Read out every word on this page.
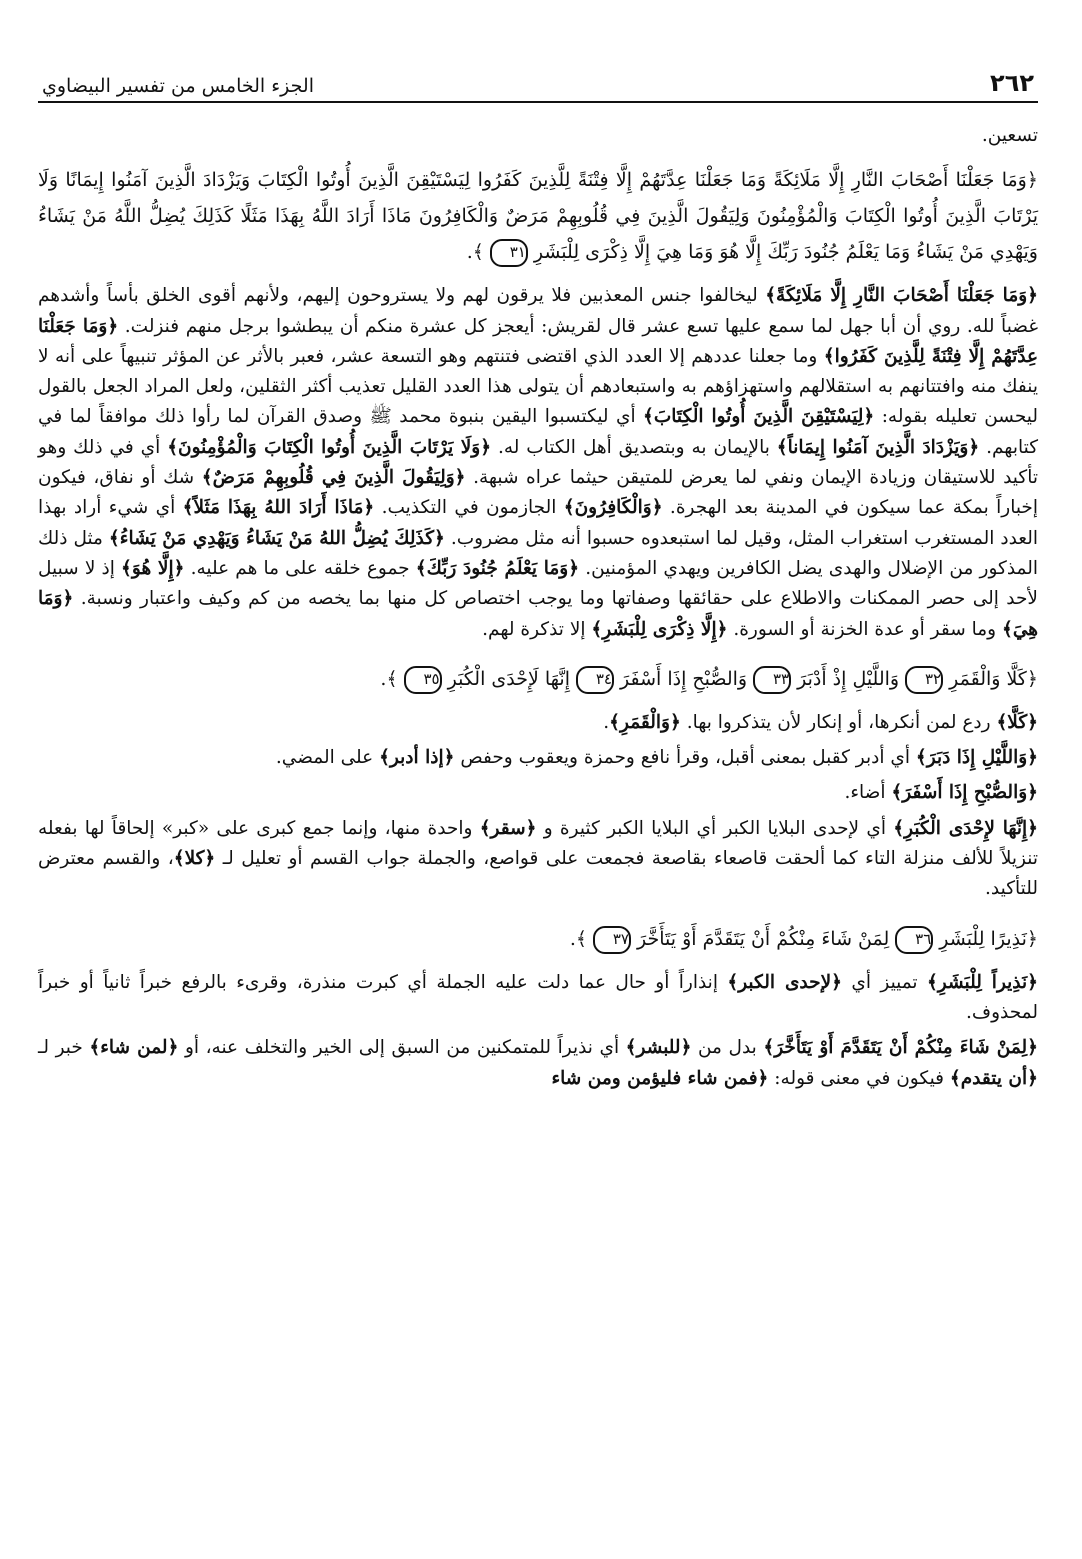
٢٦٢
الجزء الخامس من تفسير البيضاوي

تسعين.

﴿وَمَا جَعَلْنَا أَصْحَابَ النَّارِ إِلَّا مَلَائِكَةً وَمَا جَعَلْنَا عِدَّتَهُمْ إِلَّا فِتْنَةً لِلَّذِينَ كَفَرُوا لِيَسْتَيْقِنَ الَّذِينَ أُوتُوا الْكِتَابَ وَيَزْدَادَ الَّذِينَ آمَنُوا إِيمَانًا وَلَا يَرْتَابَ الَّذِينَ أُوتُوا الْكِتَابَ وَالْمُؤْمِنُونَ وَلِيَقُولَ الَّذِينَ فِي قُلُوبِهِمْ مَرَضٌ وَالْكَافِرُونَ مَاذَا أَرَادَ اللَّهُ بِهَذَا مَثَلًا كَذَلِكَ يُضِلُّ اللَّهُ مَنْ يَشَاءُ وَيَهْدِي مَنْ يَشَاءُ وَمَا يَعْلَمُ جُنُودَ رَبِّكَ إِلَّا هُوَ وَمَا هِيَ إِلَّا ذِكْرَى لِلْبَشَرِ٣١﴾.

﴿وَمَا جَعَلْنَا أَصْحَابَ النَّارِ إِلَّا مَلَائِكَةً﴾ ليخالفوا جنس المعذبين فلا يرقون لهم ولا يستروحون إليهم، ولأنهم أقوى الخلق بأساً وأشدهم غضباً لله. روي أن أبا جهل لما سمع عليها تسع عشر قال لقريش: أيعجز كل عشرة منكم أن يبطشوا برجل منهم فنزلت. ﴿وَمَا جَعَلْنَا عِدَّتَهُمْ إِلَّا فِتْنَةً لِلَّذِينَ كَفَرُوا﴾ وما جعلنا عددهم إلا العدد الذي اقتضى فتنتهم وهو التسعة عشر، فعبر بالأثر عن المؤثر تنبيهاً على أنه لا ينفك منه وافتتانهم به استقلالهم واستهزاؤهم به واستبعادهم أن يتولى هذا العدد القليل تعذيب أكثر الثقلين، ولعل المراد الجعل بالقول ليحسن تعليله بقوله: ﴿لِيَسْتَيْقِنَ الَّذِينَ أُوتُوا الْكِتَابَ﴾ أي ليكتسبوا اليقين بنبوة محمد ﷺ وصدق القرآن لما رأوا ذلك موافقاً لما في كتابهم. ﴿وَيَزْدَادَ الَّذِينَ آمَنُوا إِيمَاناً﴾ بالإيمان به وبتصديق أهل الكتاب له. ﴿وَلَا يَرْتَابَ الَّذِينَ أُوتُوا الْكِتَابَ وَالْمُؤْمِنُونَ﴾ أي في ذلك وهو تأكيد للاستيقان وزيادة الإيمان ونفي لما يعرض للمتيقن حيثما عراه شبهة. ﴿وَلِيَقُولَ الَّذِينَ فِي قُلُوبِهِمْ مَرَضٌ﴾ شك أو نفاق، فيكون إخباراً بمكة عما سيكون في المدينة بعد الهجرة. ﴿وَالْكَافِرُونَ﴾ الجازمون في التكذيب. ﴿مَاذَا أَرَادَ اللهُ بِهَذَا مَثَلاً﴾ أي شيء أراد بهذا العدد المستغرب استغراب المثل، وقيل لما استبعدوه حسبوا أنه مثل مضروب. ﴿كَذَلِكَ يُضِلُّ اللهُ مَنْ يَشَاءُ وَيَهْدِي مَنْ يَشَاءُ﴾ مثل ذلك المذكور من الإضلال والهدى يضل الكافرين ويهدي المؤمنين. ﴿وَمَا يَعْلَمُ جُنُودَ رَبِّكَ﴾ جموع خلقه على ما هم عليه. ﴿إِلَّا هُوَ﴾ إذ لا سبيل لأحد إلى حصر الممكنات والاطلاع على حقائقها وصفاتها وما يوجب اختصاص كل منها بما يخصه من كم وكيف واعتبار ونسبة. ﴿وَمَا هِيَ﴾ وما سقر أو عدة الخزنة أو السورة. ﴿إِلَّا ذِكْرَى لِلْبَشَرِ﴾ إلا تذكرة لهم.

﴿كَلَّا وَالْقَمَرِ٣٢وَاللَّيْلِ إِذْ أَدْبَرَ٣٣وَالصُّبْحِ إِذَا أَسْفَرَ٣٤إِنَّهَا لَإِحْدَى الْكُبَرِ٣٥﴾.

﴿كَلَّا﴾ ردع لمن أنكرها، أو إنكار لأن يتذكروا بها. ﴿وَالْقَمَرِ﴾.

﴿وَاللَّيْلِ إِذَا دَبَرَ﴾ أي أدبر كقبل بمعنى أقبل، وقرأ نافع وحمزة ويعقوب وحفص ﴿إذا أدبر﴾ على المضي.

﴿وَالصُّبْحِ إِذَا أَسْفَرَ﴾ أضاء.

﴿إِنَّهَا لإِحْدَى الْكُبَرِ﴾ أي لإحدى البلايا الكبر أي البلايا الكبر كثيرة و ﴿سقر﴾ واحدة منها، وإنما جمع كبرى على «كبر» إلحاقاً لها بفعله تنزيلاً للألف منزلة التاء كما ألحقت قاصعاء بقاصعة فجمعت على قواصع، والجملة جواب القسم أو تعليل لـ ﴿كلا﴾، والقسم معترض للتأكيد.

﴿نَذِيرًا لِلْبَشَرِ٣٦لِمَنْ شَاءَ مِنْكُمْ أَنْ يَتَقَدَّمَ أَوْ يَتَأَخَّرَ٣٧﴾.

﴿نَذِيراً لِلْبَشَرِ﴾ تمييز أي ﴿لإحدى الكبر﴾ إنذاراً أو حال عما دلت عليه الجملة أي كبرت منذرة، وقرىء بالرفع خبراً ثانياً أو خبراً لمحذوف.

﴿لِمَنْ شَاءَ مِنْكُمْ أَنْ يَتَقَدَّمَ أَوْ يَتَأَخَّرَ﴾ بدل من ﴿للبشر﴾ أي نذيراً للمتمكنين من السبق إلى الخير والتخلف عنه، أو ﴿لمن شاء﴾ خبر لـ ﴿أن يتقدم﴾ فيكون في معنى قوله: ﴿فمن شاء فليؤمن ومن شاء
